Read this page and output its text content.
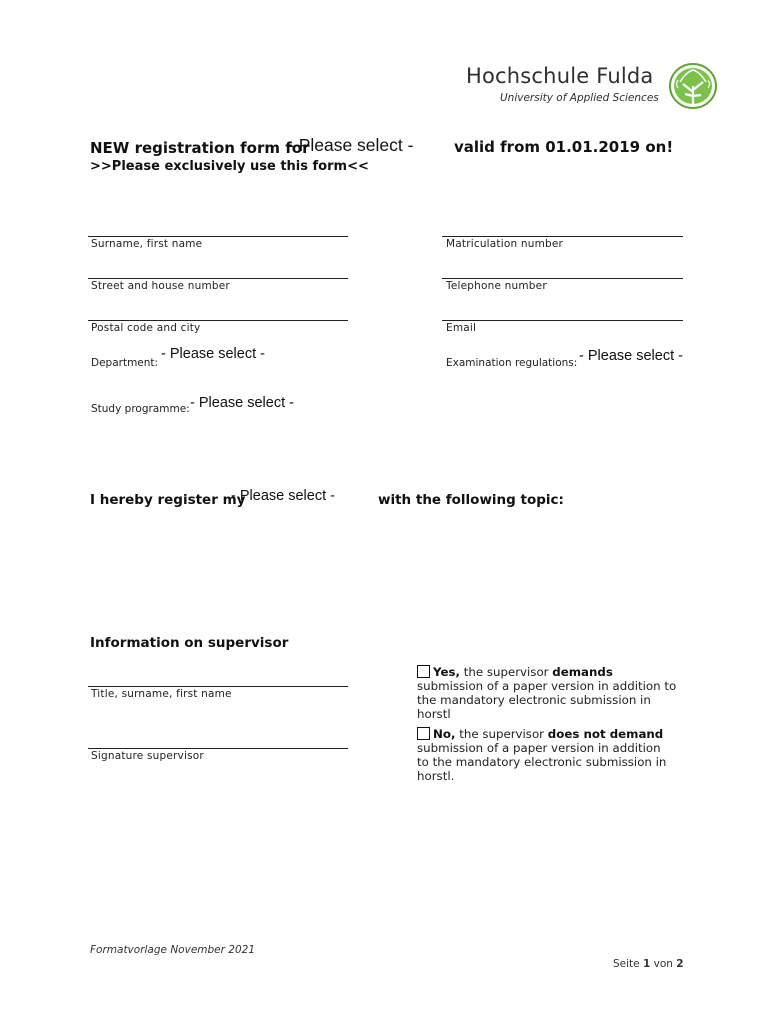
Hochschule Fulda
University of Applied Sciences
NEW registration form for
- Please select -	valid from 01.01.2019 on!
>>Please exclusively use this form<<
Surname, first name	Matriculation number
Street and house number	Telephone number
Postal code and city	Email
Department:
- Please select -
Examination regulations: - Please select -
Study programme: - Please select -
I hereby register my
- Please select -	with the following topic:
Information on supervisor
Title, surname, first name
Signature supervisor
Yes, the supervisor demands submission of a paper version in addition to the mandatory electronic submission in horstl
No, the supervisor does not demand submission of a paper version in addition to the mandatory electronic submission in horstl.
Formatvorlage November 2021
Seite 1 von 2
